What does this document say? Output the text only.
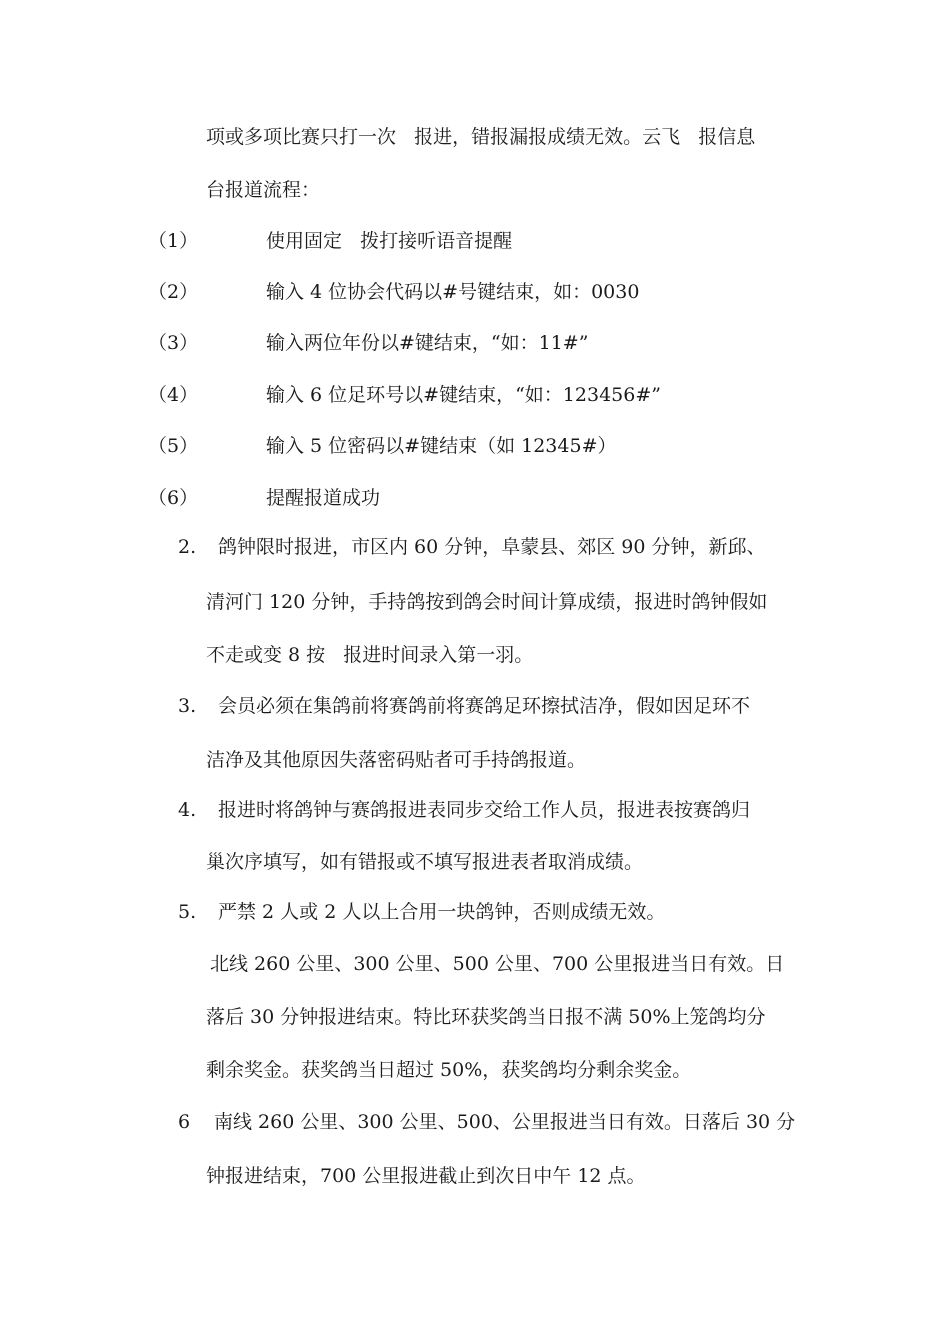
项或多项比赛只打一次   报进，错报漏报成绩无效。云飞   报信息
台报道流程：
（1）	使用固定   拨打接听语音提醒
（2）	输入 4 位协会代码以#号键结束，如：0030
（3）	输入两位年份以#键结束，“如：11#”
（4）	输入 6 位足环号以#键结束，“如：123456#”
（5）	输入 5 位密码以#键结束（如 12345#）
（6）	提醒报道成功
2. 鸽钟限时报进，市区内 60 分钟，阜蒙县、郊区 90 分钟，新邱、
清河门 120 分钟，手持鸽按到鸽会时间计算成绩，报进时鸽钟假如
不走或变 8 按   报进时间录入第一羽。
3. 会员必须在集鸽前将赛鸽前将赛鸽足环擦拭洁净，假如因足环不
洁净及其他原因失落密码贴者可手持鸽报道。
4. 报进时将鸽钟与赛鸽报进表同步交给工作人员，报进表按赛鸽归
巢次序填写，如有错报或不填写报进表者取消成绩。
5. 严禁 2 人或 2 人以上合用一块鸽钟，否则成绩无效。
北线 260 公里、300 公里、500 公里、700 公里报进当日有效。日
落后 30 分钟报进结束。特比环获奖鸽当日报不满 50%上笼鸽均分
剩余奖金。获奖鸽当日超过 50%，获奖鸽均分剩余奖金。
6 南线 260 公里、300 公里、500、公里报进当日有效。日落后 30 分
钟报进结束，700 公里报进截止到次日中午 12 点。
